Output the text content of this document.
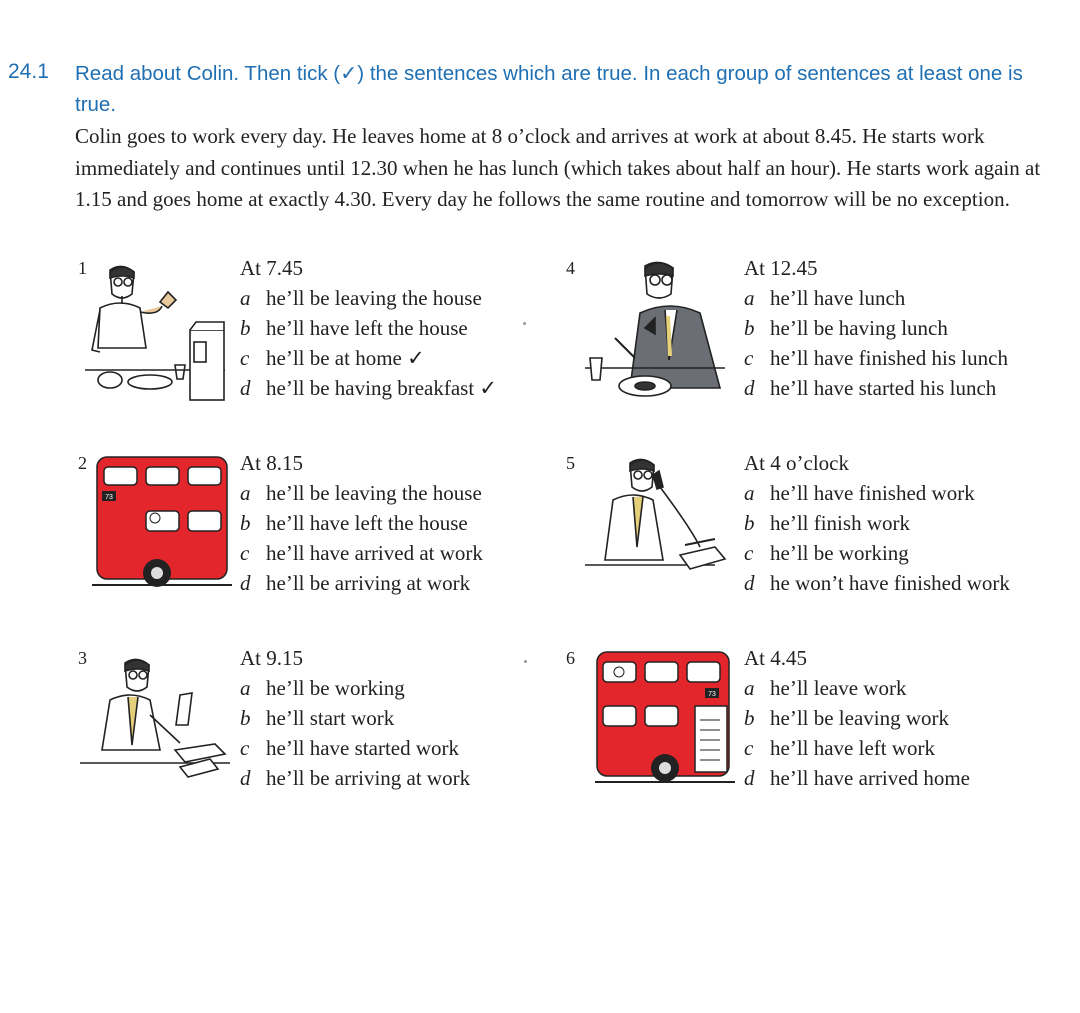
24.1 Read about Colin. Then tick (✓) the sentences which are true. In each group of sentences at least one is true.
Colin goes to work every day. He leaves home at 8 o’clock and arrives at work at about 8.45. He starts work immediately and continues until 12.30 when he has lunch (which takes about half an hour). He starts work again at 1.15 and goes home at exactly 4.30. Every day he follows the same routine and tomorrow will be no exception.
1
2
3
4
5
6
At 7.45
a he’ll be leaving the house
b he’ll have left the house
c he’ll be at home ✓
d he’ll be having breakfast ✓
At 8.15
a he’ll be leaving the house
b he’ll have left the house
c he’ll have arrived at work
d he’ll be arriving at work
At 9.15
a he’ll be working
b he’ll start work
c he’ll have started work
d he’ll be arriving at work
At 12.45
a he’ll have lunch
b he’ll be having lunch
c he’ll have finished his lunch
d he’ll have started his lunch
At 4 o’clock
a he’ll have finished work
b he’ll finish work
c he’ll be working
d he won’t have finished work
At 4.45
a he’ll leave work
b he’ll be leaving work
c he’ll have left work
d he’ll have arrived home
73
73
